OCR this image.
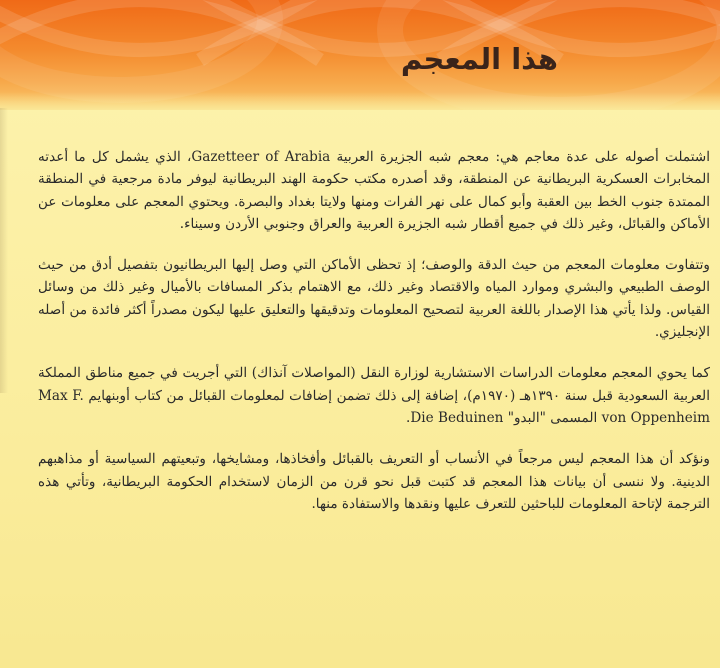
هذا المعجم

اشتملت أصوله على عدة معاجم هي: معجم شبه الجزيرة العربية Gazetteer of Arabia، الذي يشمل كل ما أعدته المخابرات العسكرية البريطانية عن المنطقة، وقد أصدره مكتب حكومة الهند البريطانية ليوفر مادة مرجعية في المنطقة الممتدة جنوب الخط بين العقبة وأبو كمال على نهر الفرات ومنها ولايتا بغداد والبصرة. ويحتوي المعجم على معلومات عن الأماكن والقبائل، وغير ذلك في جميع أقطار شبه الجزيرة العربية والعراق وجنوبي الأردن وسيناء.

وتتفاوت معلومات المعجم من حيث الدقة والوصف؛ إذ تحظى الأماكن التي وصل إليها البريطانيون بتفصيل أدق من حيث الوصف الطبيعي والبشري وموارد المياه والاقتصاد وغير ذلك، مع الاهتمام بذكر المسافات بالأميال وغير ذلك من وسائل القياس. ولذا يأتي هذا الإصدار باللغة العربية لتصحيح المعلومات وتدقيقها والتعليق عليها ليكون مصدراً أكثر فائدة من أصله الإنجليزي.

كما يحوي المعجم معلومات الدراسات الاستشارية لوزارة النقل (المواصلات آنذاك) التي أجريت في جميع مناطق المملكة العربية السعودية قبل سنة ١٣٩٠هـ (١٩٧٠م)، إضافة إلى ذلك تضمن إضافات لمعلومات القبائل من كتاب أوبنهايم Max F. von Oppenheim المسمى "البدو" Die Beduinen.

ونؤكد أن هذا المعجم ليس مرجعاً في الأنساب أو التعريف بالقبائل وأفخاذها، ومشايخها، وتبعيتهم السياسية أو مذاهبهم الدينية. ولا ننسى أن بيانات هذا المعجم قد كتبت قبل نحو قرن من الزمان لاستخدام الحكومة البريطانية، وتأتي هذه الترجمة لإتاحة المعلومات للباحثين للتعرف عليها ونقدها والاستفادة منها.
